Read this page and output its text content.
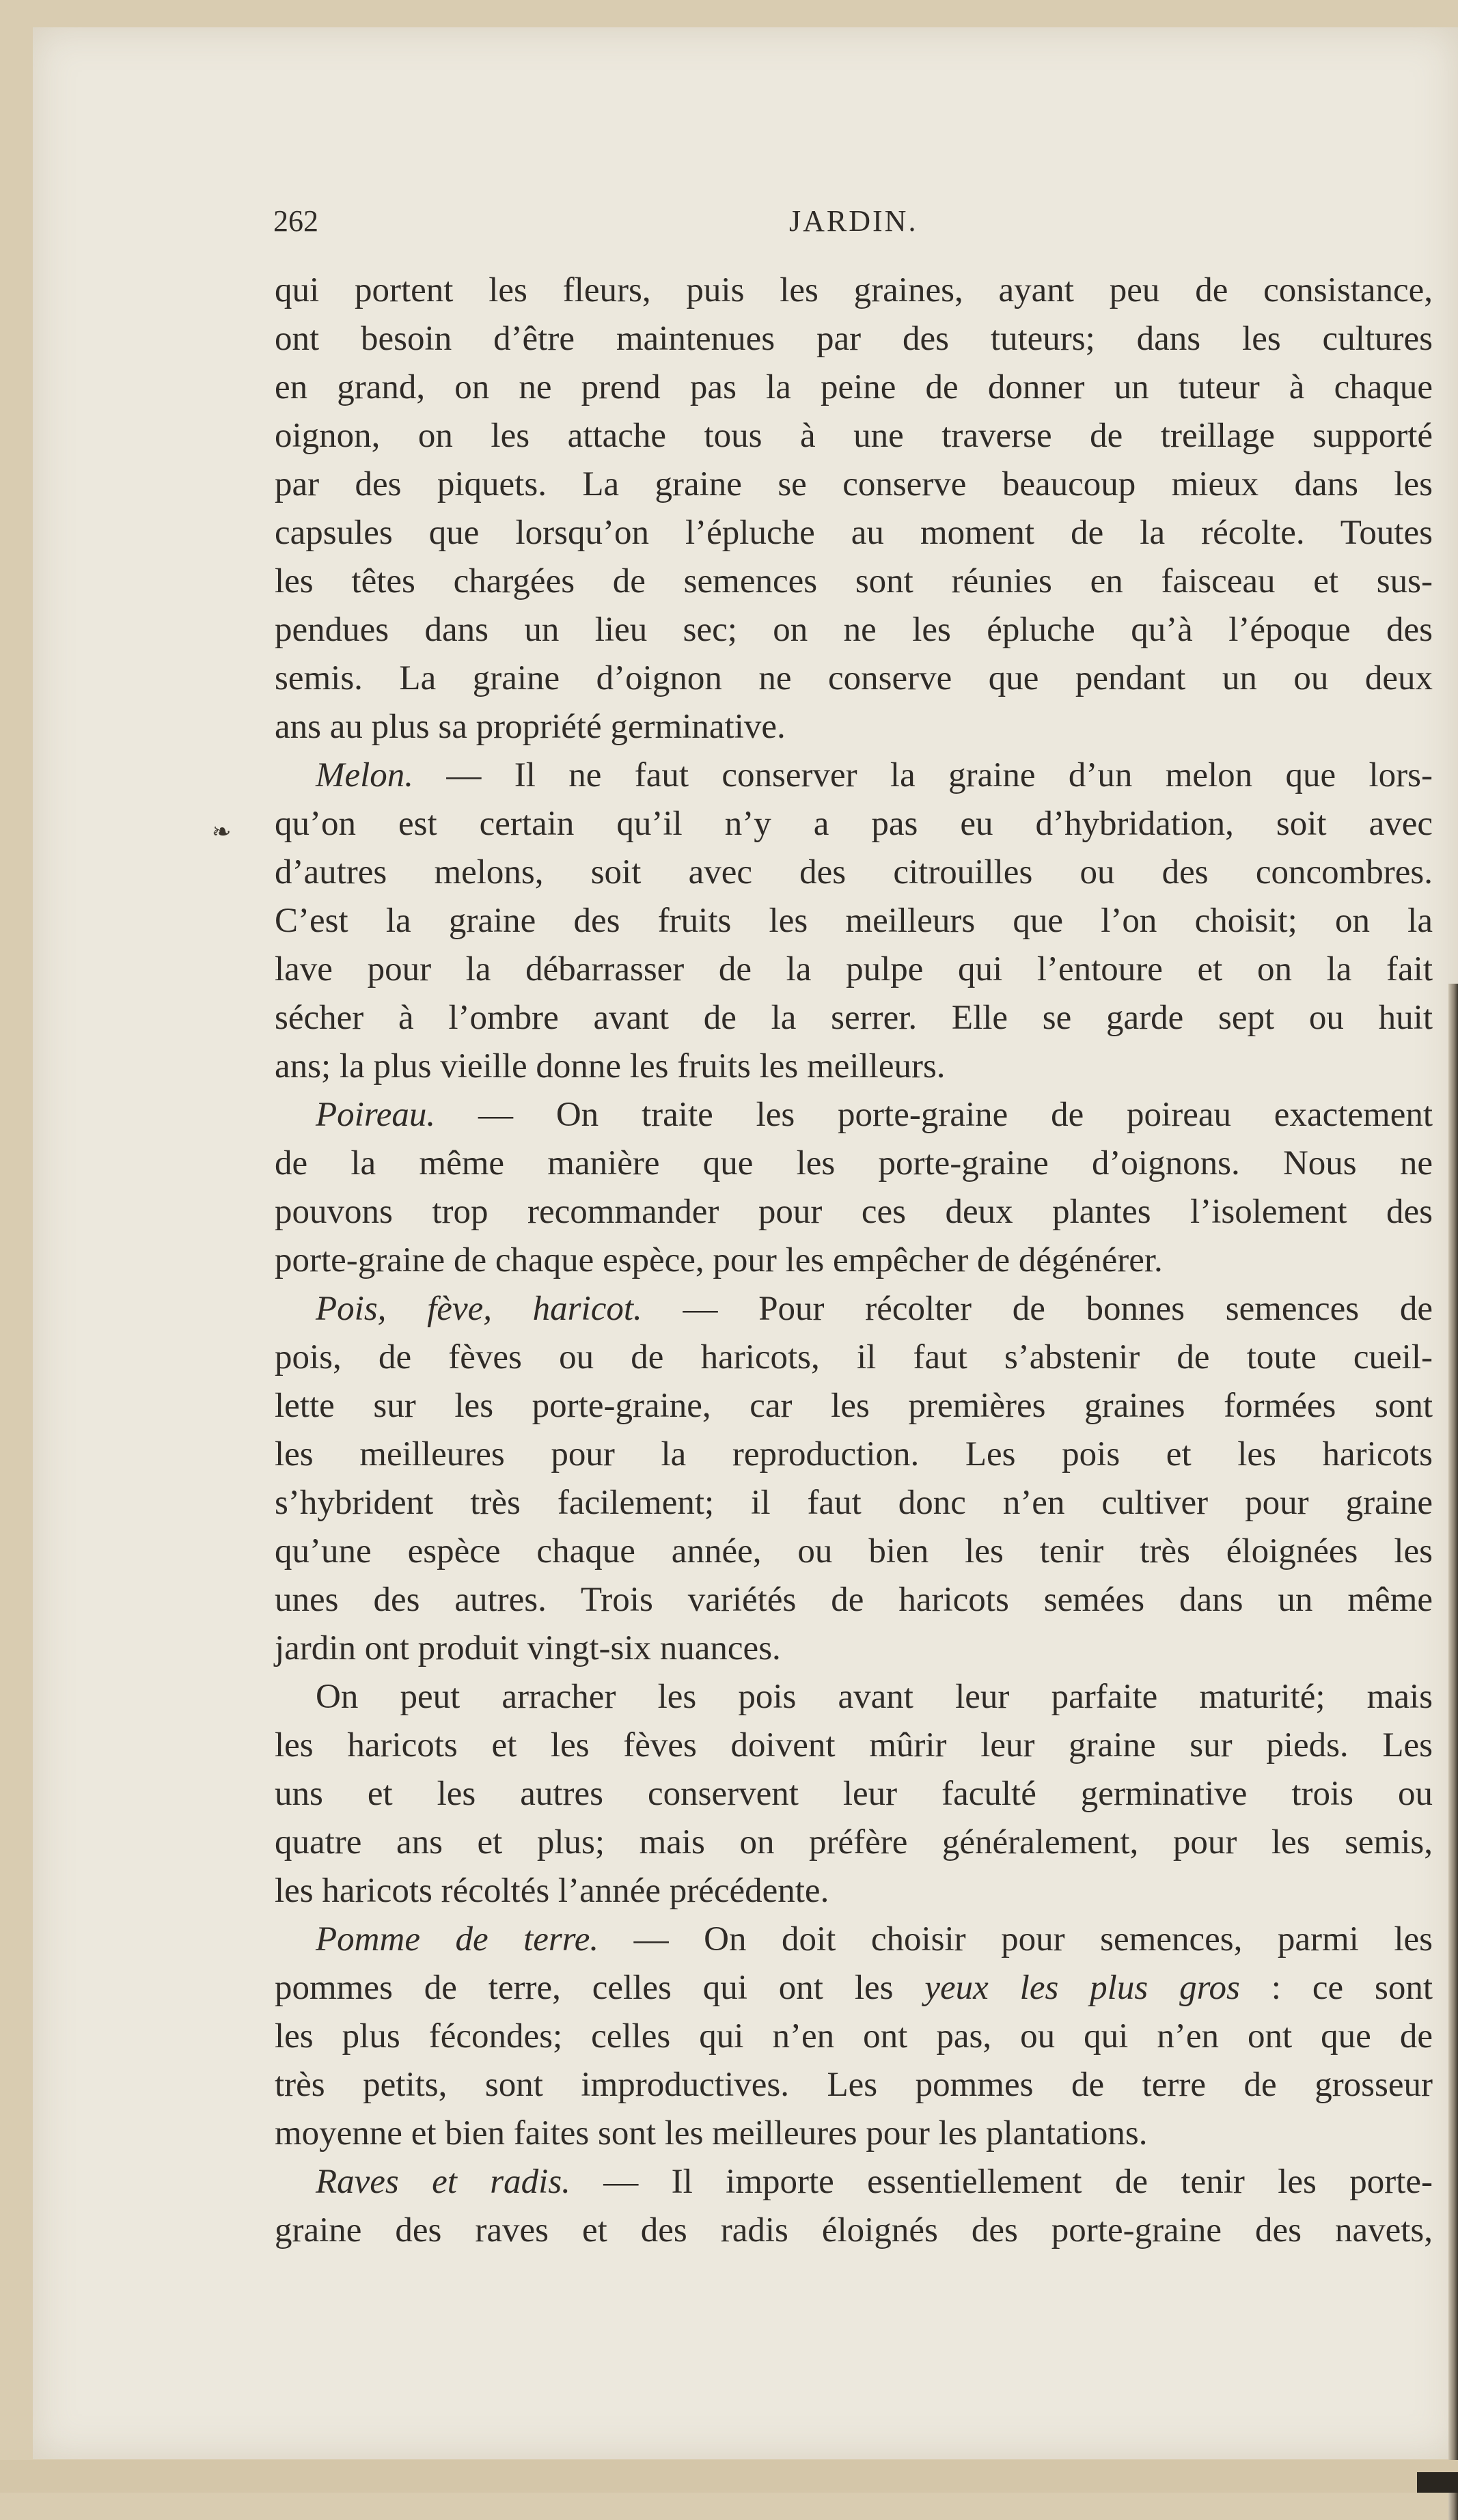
262	JARDIN.
❧
qui portent les fleurs, puis les graines, ayant peu de consistance,
ont besoin d’être maintenues par des tuteurs; dans les cultures
en grand, on ne prend pas la peine de donner un tuteur à chaque
oignon, on les attache tous à une traverse de treillage supporté
par des piquets. La graine se conserve beaucoup mieux dans les
capsules que lorsqu’on l’épluche au moment de la récolte. Toutes
les têtes chargées de semences sont réunies en faisceau et sus-
pendues dans un lieu sec; on ne les épluche qu’à l’époque des
semis. La graine d’oignon ne conserve que pendant un ou deux
ans au plus sa propriété germinative.
Melon. — Il ne faut conserver la graine d’un melon que lors-
qu’on est certain qu’il n’y a pas eu d’hybridation, soit avec
d’autres melons, soit avec des citrouilles ou des concombres.
C’est la graine des fruits les meilleurs que l’on choisit; on la
lave pour la débarrasser de la pulpe qui l’entoure et on la fait
sécher à l’ombre avant de la serrer. Elle se garde sept ou huit
ans; la plus vieille donne les fruits les meilleurs.
Poireau. — On traite les porte-graine de poireau exactement
de la même manière que les porte-graine d’oignons. Nous ne
pouvons trop recommander pour ces deux plantes l’isolement des
porte-graine de chaque espèce, pour les empêcher de dégénérer.
Pois, fève, haricot. — Pour récolter de bonnes semences de
pois, de fèves ou de haricots, il faut s’abstenir de toute cueil-
lette sur les porte-graine, car les premières graines formées sont
les meilleures pour la reproduction. Les pois et les haricots
s’hybrident très facilement; il faut donc n’en cultiver pour graine
qu’une espèce chaque année, ou bien les tenir très éloignées les
unes des autres. Trois variétés de haricots semées dans un même
jardin ont produit vingt-six nuances.
On peut arracher les pois avant leur parfaite maturité; mais
les haricots et les fèves doivent mûrir leur graine sur pieds. Les
uns et les autres conservent leur faculté germinative trois ou
quatre ans et plus; mais on préfère généralement, pour les semis,
les haricots récoltés l’année précédente.
Pomme de terre. — On doit choisir pour semences, parmi les
pommes de terre, celles qui ont les yeux les plus gros : ce sont
les plus fécondes; celles qui n’en ont pas, ou qui n’en ont que de
très petits, sont improductives. Les pommes de terre de grosseur
moyenne et bien faites sont les meilleures pour les plantations.
Raves et radis. — Il importe essentiellement de tenir les porte-
graine des raves et des radis éloignés des porte-graine des navets,
